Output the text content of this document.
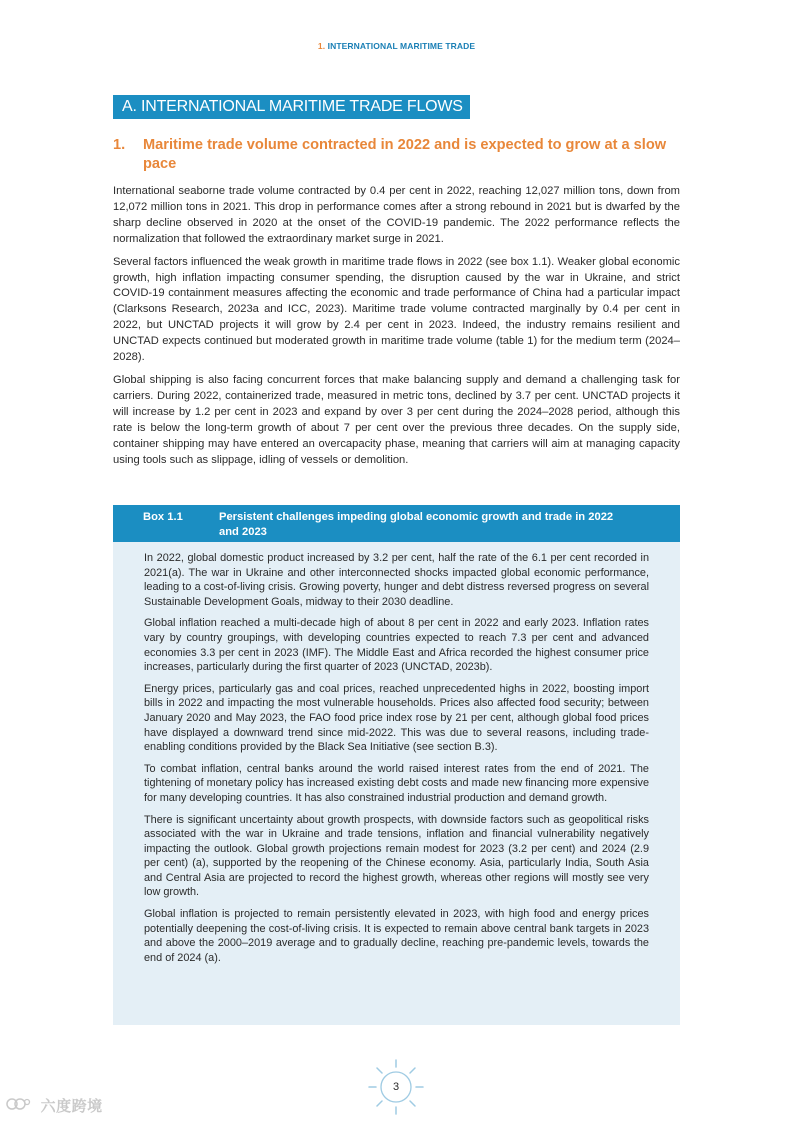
1. INTERNATIONAL MARITIME TRADE
A. INTERNATIONAL MARITIME TRADE FLOWS
1. Maritime trade volume contracted in 2022 and is expected to grow at a slow pace

International seaborne trade volume contracted by 0.4 per cent in 2022, reaching 12,027 million tons, down from 12,072 million tons in 2021. This drop in performance comes after a strong rebound in 2021 but is dwarfed by the sharp decline observed in 2020 at the onset of the COVID-19 pandemic. The 2022 performance reflects the normalization that followed the extraordinary market surge in 2021.

Several factors influenced the weak growth in maritime trade flows in 2022 (see box 1.1). Weaker global economic growth, high inflation impacting consumer spending, the disruption caused by the war in Ukraine, and strict COVID-19 containment measures affecting the economic and trade performance of China had a particular impact (Clarksons Research, 2023a and ICC, 2023). Maritime trade volume contracted marginally by 0.4 per cent in 2022, but UNCTAD projects it will grow by 2.4 per cent in 2023. Indeed, the industry remains resilient and UNCTAD expects continued but moderated growth in maritime trade volume (table 1) for the medium term (2024–2028).

Global shipping is also facing concurrent forces that make balancing supply and demand a challenging task for carriers. During 2022, containerized trade, measured in metric tons, declined by 3.7 per cent. UNCTAD projects it will increase by 1.2 per cent in 2023 and expand by over 3 per cent during the 2024–2028 period, although this rate is below the long-term growth of about 7 per cent over the previous three decades. On the supply side, container shipping may have entered an overcapacity phase, meaning that carriers will aim at managing capacity using tools such as slippage, idling of vessels or demolition.

Box 1.1	Persistent challenges impeding global economic growth and trade in 2022 and 2023

In 2022, global domestic product increased by 3.2 per cent, half the rate of the 6.1 per cent recorded in 2021(a). The war in Ukraine and other interconnected shocks impacted global economic performance, leading to a cost-of-living crisis. Growing poverty, hunger and debt distress reversed progress on several Sustainable Development Goals, midway to their 2030 deadline.

Global inflation reached a multi-decade high of about 8 per cent in 2022 and early 2023. Inflation rates vary by country groupings, with developing countries expected to reach 7.3 per cent and advanced economies 3.3 per cent in 2023 (IMF). The Middle East and Africa recorded the highest consumer price increases, particularly during the first quarter of 2023 (UNCTAD, 2023b).

Energy prices, particularly gas and coal prices, reached unprecedented highs in 2022, boosting import bills in 2022 and impacting the most vulnerable households. Prices also affected food security; between January 2020 and May 2023, the FAO food price index rose by 21 per cent, although global food prices have displayed a downward trend since mid-2022. This was due to several reasons, including trade-enabling conditions provided by the Black Sea Initiative (see section B.3).

To combat inflation, central banks around the world raised interest rates from the end of 2021. The tightening of monetary policy has increased existing debt costs and made new financing more expensive for many developing countries. It has also constrained industrial production and demand growth.

There is significant uncertainty about growth prospects, with downside factors such as geopolitical risks associated with the war in Ukraine and trade tensions, inflation and financial vulnerability negatively impacting the outlook. Global growth projections remain modest for 2023 (3.2 per cent) and 2024 (2.9 per cent) (a), supported by the reopening of the Chinese economy. Asia, particularly India, South Asia and Central Asia are projected to record the highest growth, whereas other regions will mostly see very low growth.

Global inflation is projected to remain persistently elevated in 2023, with high food and energy prices potentially deepening the cost-of-living crisis. It is expected to remain above central bank targets in 2023 and above the 2000–2019 average and to gradually decline, reaching pre-pandemic levels, towards the end of 2024 (a).

3
六度跨境
